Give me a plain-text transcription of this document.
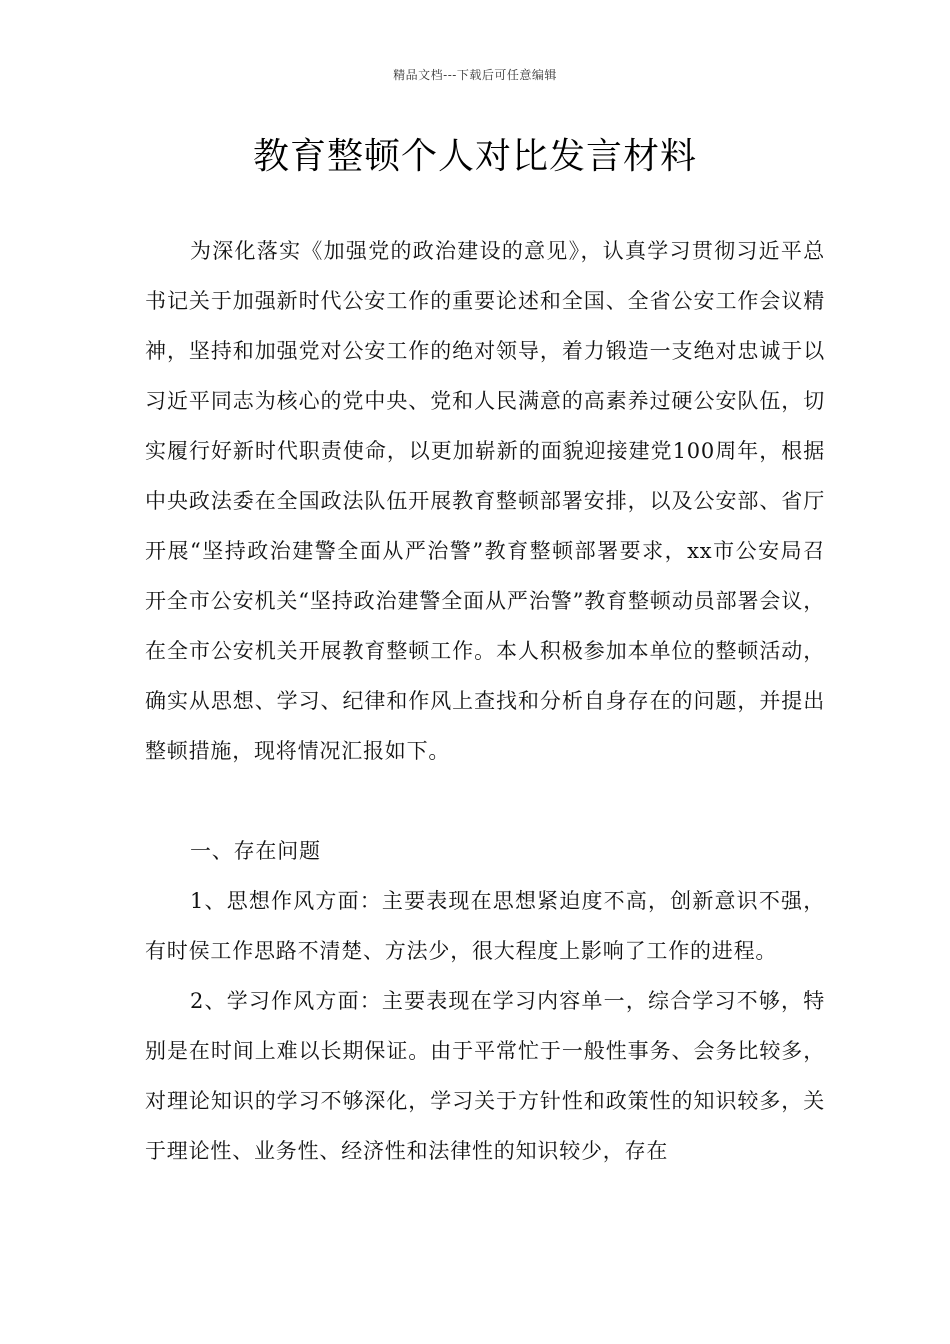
精品文档---下载后可任意编辑
教育整顿个人对比发言材料

为深化落实《加强党的政治建设的意见》，认真学习贯彻习近平总书记关于加强新时代公安工作的重要论述和全国、全省公安工作会议精神，坚持和加强党对公安工作的绝对领导，着力锻造一支绝对忠诚于以习近平同志为核心的党中央、党和人民满意的高素养过硬公安队伍，切实履行好新时代职责使命，以更加崭新的面貌迎接建党100周年，根据中央政法委在全国政法队伍开展教育整顿部署安排，以及公安部、省厅开展“坚持政治建警全面从严治警”教育整顿部署要求，xx市公安局召开全市公安机关“坚持政治建警全面从严治警”教育整顿动员部署会议，在全市公安机关开展教育整顿工作。本人积极参加本单位的整顿活动，确实从思想、学习、纪律和作风上查找和分析自身存在的问题，并提出整顿措施，现将情况汇报如下。

一、存在问题

1、思想作风方面：主要表现在思想紧迫度不高，创新意识不强，有时侯工作思路不清楚、方法少，很大程度上影响了工作的进程。

2、学习作风方面：主要表现在学习内容单一，综合学习不够，特别是在时间上难以长期保证。由于平常忙于一般性事务、会务比较多，对理论知识的学习不够深化，学习关于方针性和政策性的知识较多，关于理论性、业务性、经济性和法律性的知识较少，存在
